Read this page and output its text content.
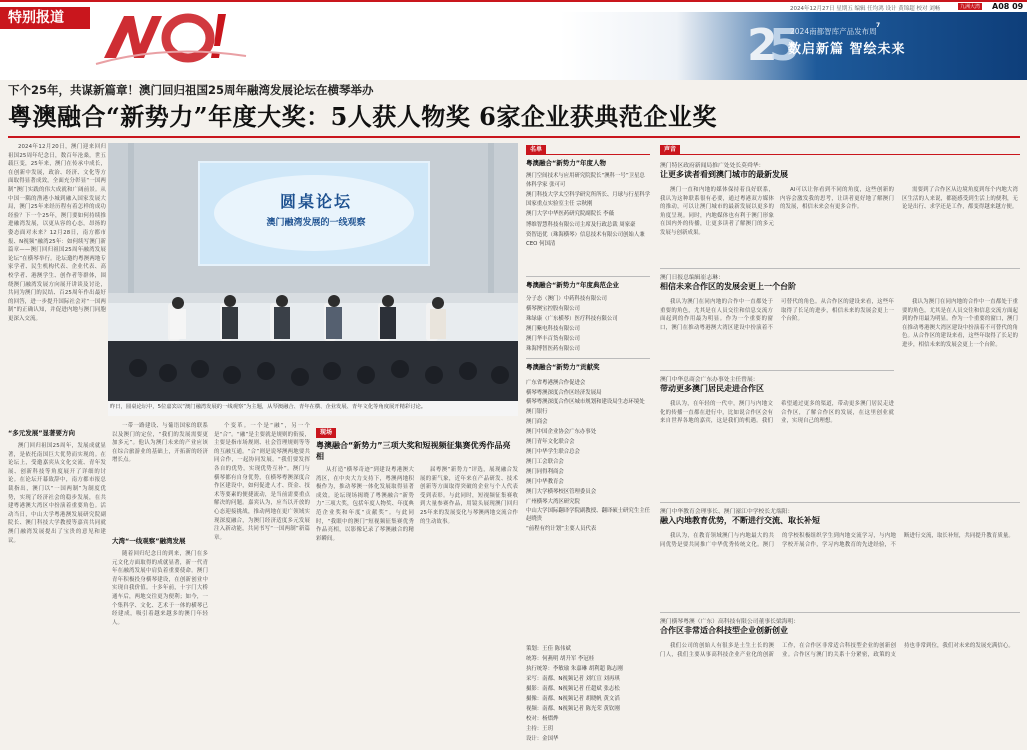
特别报道
2024年12月27日 星期五 编辑 任均鸿 设计 黄锦超 校对 刘畅	九洲大湾 A08 09
2
5
2024南都智库产品发布周
7
数启新篇 智绘未来
下个25年，共谋新篇章！澳门回归祖国25周年融湾发展论坛在横琴举办
粤澳融合“新势力”年度大奖：5人获人物奖 6家企业获典范企业奖

2024年12月20日，澳门迎来回归祖国25周年纪念日，数百年沧桑，世五载巨变，25年来，澳门在传承中成长，在创新中发展，政治、经济、文化等方面取得显著成效，全面充分彰显“一国两制”澳门实践的伟大成就和广阔前景。从中国一隅的渔港小城到融入国家发展大局，澳门25年来经历程有着怎样的成功经验？下一个25年，澳门要如何持续推进融湾发展，以更从容的心态，昂扬的姿态面对未来？12月28日，南方都市报、N视频“融湾25年：如何续写澳门新篇章——澳门回归祖国25周年融湾发展论坛”在横琴举行。论坛邀约粤澳两地专家学者、民生机构代表、企业代表、高校学者、港澳学生、创作者等群体，围绕澳门融湾发展方向展开讲谈及讨论，共同为澳门的民结、百25周年作出最好的回答，进一步提升国际社会对“一国两制”的正确认知，并促进内地与澳门同胞更深入交流。

圆桌论坛
澳门融湾发展的一线观察
昨日，圆桌论坛中，5位嘉宾以“澳门融湾发展的一线观察”为主题，从琴澳融合、青年在横、企业发展、青年文化等角度展开精彩讨论。
“多元发展”显著要方向

澳门回归祖国25周年，发展成就显著，是依托南国巨大优势而实现的。在论坛上，受邀嘉宾从文化交流、青年发展、创新科技等角度展开了详细的讨论。在论坛开幕致辞中，南方都市报总裁指出，澳门以“一国两制”为制度优势，实现了经济社会的稳步发展，在共建粤港澳大湾区中扮演着重要角色。活动当日，中山大学粤港澳发展研究院副院长、澳门科技大学教授等嘉宾共同就澳门融湾发展提出了宝贵的意见和建议。

一带一路建设、与葡语国家的联系以及澳门的定位，“我们的发展需要更加多元”。他认为澳门未来的产业应该在综合旅游业的基础上，开拓新的经济增长点。

大湾“一线观察”融湾发展

随着回归纪念日的到来，澳门在多元文化方面取得的成就显著，新一代青年在融湾发展中肩负着重要使命。澳门青年积极投身横琴建设，在创新创业中实现自我价值。十多年前，十字门大桥通车后，两地交往更为便利；如今，一个集科学、文化、艺术于一体的横琴已经建成，吸引着越来越多的澳门年轻人。

个变革。一个是“融”，另一个是“合”。“融”是主要就是规则的衔接，主要是指市场规则、社会管理规则等等的互融互通。“合”则是说琴澳两地要共同合作，一起协同发展。“我们要发挥各自的优势，实现优势互补”。澳门与横琴都有自身优势，在横琴粤澳深度合作区建设中，如何促进人才、资金、技术等要素的便捷流动，是当前需要重点解决的问题。嘉宾认为，应当以开放的心态迎接挑战，推动两地在更广领域实现深度融合，为澳门经济适度多元发展注入新动能，共同书写“一国两制”新篇章。

现场
粤澳融合“新势力”三项大奖和短视频征集赛优秀作品亮相

从打造“横琴奇迹”到建设粤港澳大湾区，在中央大力支持下，粤澳两地积极作为，推动琴澳一体化发展取得显著成效。论坛现场揭晓了粤澳融合“新势力”三项大奖，包括年度人物奖、年度典范企业奖和年度“贡献奖”。与此同时，“我眼中的澳门”短视频征集赛优秀作品亮相，以影像记录了琴澳融合的精彩瞬间。

届粤澳“新势力”评选，展现融合发展的新气象，近年来在产品研发、技术创新等方面取得突破的企业与个人代表受到表彰。与此同时，短视频征集赛收到大量参赛作品，用镜头展现澳门回归25年来的发展变化与琴澳两地交流合作的生动故事。

策划：王佳 陈伟斌
统筹：何燕明 胡升军 李冠桂
执行统筹：李敏瑜 朱嘉琳 胡利超 陈志刚
采写：南都、N视频记者 刘红宣 刘再琪
摄影：南都、N视频记者 任超斌 张志松
摄像：南都、N视频记者 胡晓帆 黄文滔
视频：南都、N视频记者 陈光荣 黄钦刚
校对：杨熠烨
主持：王玥
设计：金国华
名单
粤澳融合“新势力”年度人物
澳门空间技术与应用研究院院长“澳科一号”卫星总体科学家 张可可
澳门科技大学太空科学研究所所长、月球与行星科学国家重点实验室主任 宗秋刚
澳门大学中华医药研究院副院长 李薇
博维智慧科技有限公司主席及行政总裁 周家豪
资智迅优（珠海横琴）信息技术有限公司创始人兼CEO 何国清
粤澳融合“新势力”年度典范企业
分子态（澳门）中药科技有限公司
横琴澳宝控股有限公司
珠绿康（广东横琴）医疗科技有限公司
澳门紫电科技有限公司
澳门华丰百货有限公司
珠海博智医药有限公司
粤澳融合“新势力”贡献奖
广东省粤港澳合作促进会
横琴粤澳深度合作区经济发展局
横琴粤澳深度合作区城市规划和建设局生态环境处
澳门银行
澳门商会
澳门中国企业协会广东办事处
澳门青年文化联合会
澳门中华学生联合总会
澳门工会联合会
澳门同得利商会
澳门中华教育会
澳门大学横琴校区管理委员会
广州横琴大湾区研究院
中山大学国际翻译学院副教授、翻译硕士研究生主任赵晓贵
“前程有约计划”主要人员代表
声音
澳门特区政府新闻局推广处处长莫舜华：
让更多读者看到澳门城市的最新发展

澳门一直和内地的媒体保持着良好联系，我认为这种联系很有必要，通过粤港双方媒体的推动，可以让澳门城市的最新发展以更多的角度呈现。同时，内地媒体也有利于澳门形象在国内外的传播，让更多读者了解澳门的多元发展与创新成果。

AI可以让你看到不同的角度，这些创新的内容会激发我的思考，让读者更好地了解澳门的发展，相信未来会有更多合作。

需要到了合作区从边境角度到每个内地大湾区生活的人来说，都能感受到生活上的便利，无论是出行、求学还是工作，都变得越来越方便。

澳门日报总编辑崔志琳：
相信未来合作区的发展会更上一个台阶

我认为澳门在同内地的合作中一直都处于重要的角色，尤其是在人员交往和信息交流方面起到的作用最为明显。作为一个重要的窗口，澳门在推动粤港澳大湾区建设中扮演着不可替代的角色。从合作区的建设来看，这些年取得了长足的进步，相信未来的发展会更上一个台阶。

澳门中华总商会广东办事处主任曾展：
带动更多澳门居民走进合作区

我认为，在年轻的一代中，澳门与内地文化的传播一直都在进行中，比如说合作区会有来自世界各地的嘉宾，这是我们的机遇。我们希望通过更多的渠道，带动更多澳门居民走进合作区，了解合作区的发展，在这里创业就业，实现自己的理想。

澳门中华教育会理事长、澳门濠江中学校长尤端阳：
融入内地教育优势，不断进行交流、取长补短

我认为，在教育领域澳门与内地最大的共同优势是要共同推广中华优秀传统文化。澳门的学校积极组织学生到内地交流学习，与内地学校开展合作，学习内地教育的先进经验，不断进行交流，取长补短，共同提升教育质量。

澳门横琴粤澳（广东）高科技有限公司董事长梁海明：
合作区非常适合科技型企业创新创业

我们公司的创始人有很多是土生土长的澳门人，我们主要从事高科技企业产业化的创新工作，在合作区非常适合科技型企业的创新创业。合作区与澳门的关系十分紧密，政策的支持也非常到位，我们对未来的发展充满信心。

我认为澳门在同内地的合作中一直都处于重要的角色，尤其是在人员交往和信息交流方面起到的作用最为明显。作为一个重要的窗口，澳门在推动粤港澳大湾区建设中扮演着不可替代的角色。从合作区的建设来看，这些年取得了长足的进步，相信未来的发展会更上一个台阶。
